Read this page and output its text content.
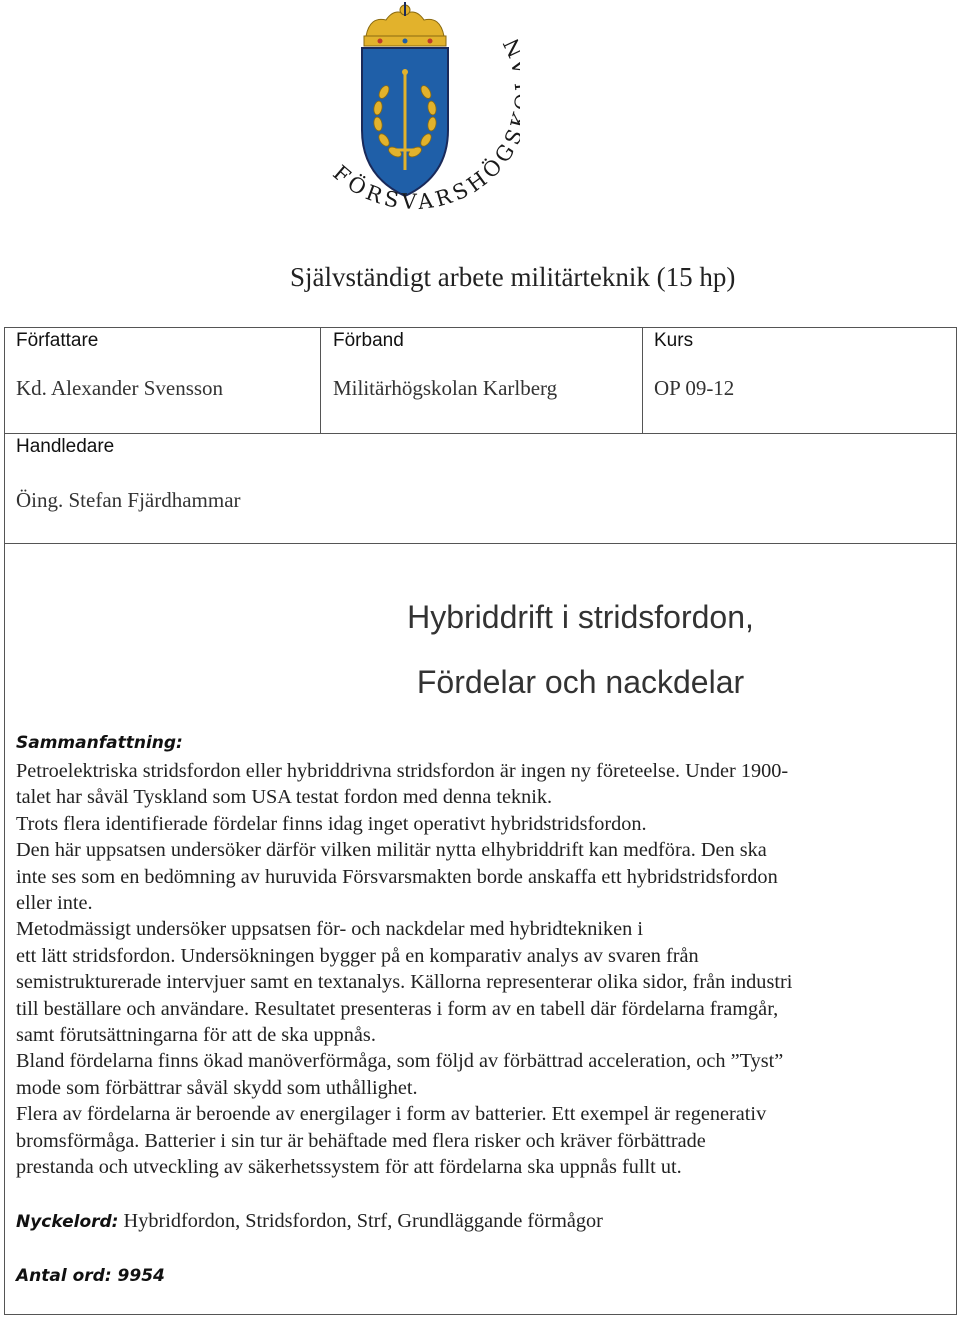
FÖRSVARSHÖG
Självständigt arbete militärteknik (15 hp)
Författare
Kd. Alexander Svensson
Förband
Militärhögskolan Karlberg
Kurs
OP 09-12
Handledare
Öing. Stefan Fjärdhammar
Hybriddrift i stridsfordon,
Fördelar och nackdelar
Sammanfattning:

Petroelektriska stridsfordon eller hybriddrivna stridsfordon är ingen ny företeelse. Under 1900-

talet har såväl Tyskland som USA testat fordon med denna teknik.

Trots flera identifierade fördelar finns idag inget operativt hybridstridsfordon.

Den här uppsatsen undersöker därför vilken militär nytta elhybriddrift kan medföra. Den ska

inte ses som en bedömning av huruvida Försvarsmakten borde anskaffa ett hybridstridsfordon

eller inte.

Metodmässigt undersöker uppsatsen för- och nackdelar med hybridtekniken i

ett lätt stridsfordon. Undersökningen bygger på en komparativ analys av svaren från

semistrukturerade intervjuer samt en textanalys. Källorna representerar olika sidor, från industri

till beställare och användare. Resultatet presenteras i form av en tabell där fördelarna framgår,

samt förutsättningarna för att de ska uppnås.

Bland fördelarna finns ökad manöverförmåga, som följd av förbättrad acceleration, och ”Tyst”

mode som förbättrar såväl skydd som uthållighet.

Flera av fördelarna är beroende av energilager i form av batterier. Ett exempel är regenerativ

bromsförmåga. Batterier i sin tur är behäftade med flera risker och kräver förbättrade

prestanda och utveckling av säkerhetssystem för att fördelarna ska uppnås fullt ut.

Nyckelord: Hybridfordon, Stridsfordon, Strf, Grundläggande förmågor
Antal ord: 9954
